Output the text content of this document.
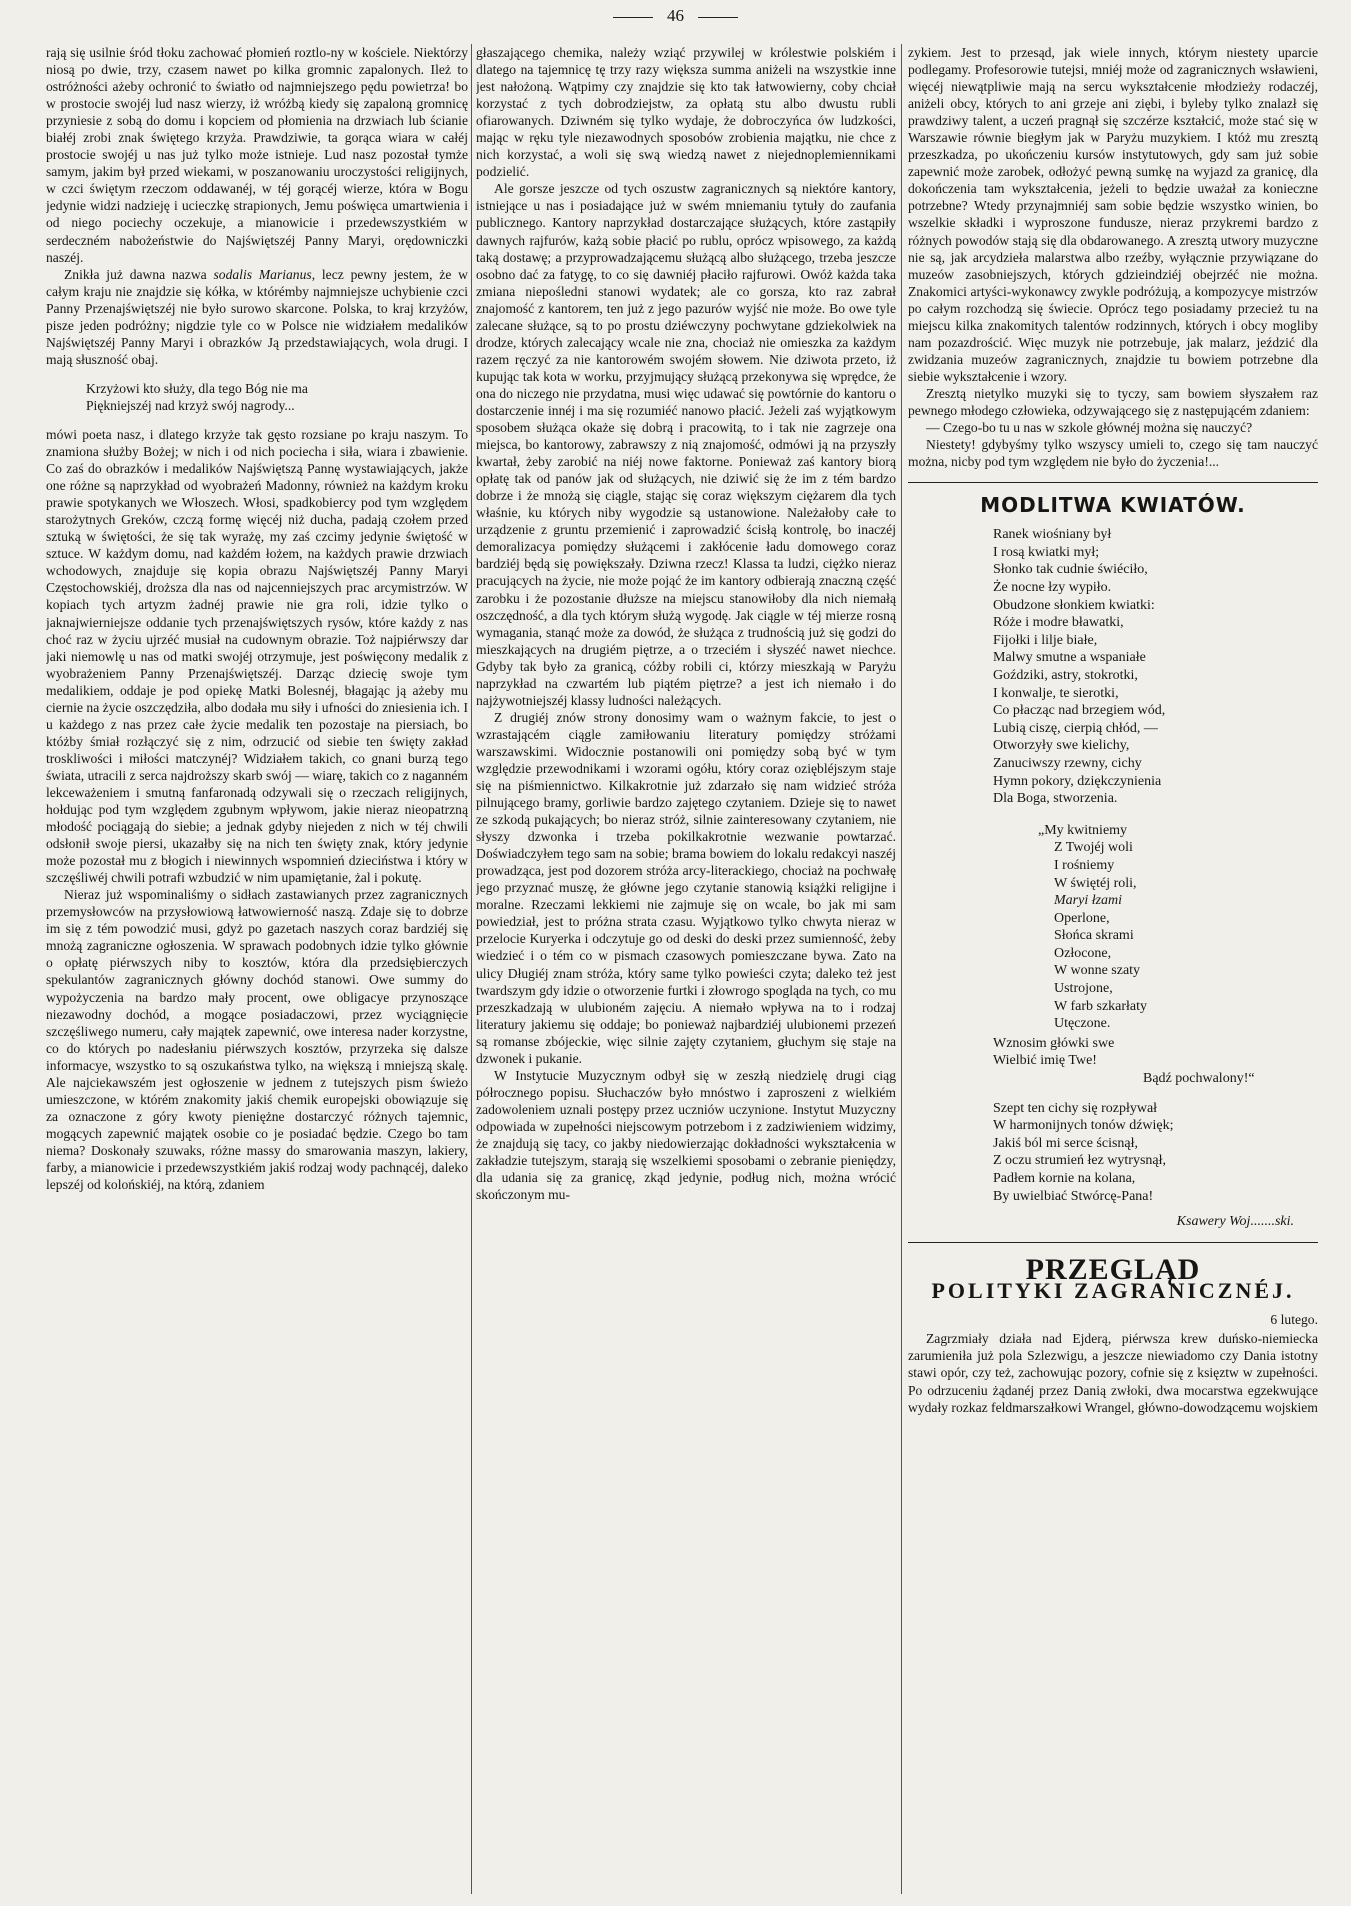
46

rają się usilnie śród tłoku zachować płomień roztlo-ny w kościele. Niektórzy niosą po dwie, trzy, czasem nawet po kilka gromnic zapalonych. Ileż to ostróżności ażeby ochronić to światło od najmniejszego pędu powietrza! bo w prostocie swojéj lud nasz wierzy, iż wróżbą kiedy się zapaloną gromnicę przyniesie z sobą do domu i kopciem od płomienia na drzwiach lub ścianie białéj zrobi znak świętego krzyża. Prawdziwie, ta gorąca wiara w całéj prostocie swojéj u nas już tylko może istnieje. Lud nasz pozostał tymże samym, jakim był przed wiekami, w poszanowaniu uroczystości religijnych, w czci świętym rzeczom oddawanéj, w téj gorącéj wierze, która w Bogu jedynie widzi nadzieję i ucieczkę strapionych, Jemu poświęca umartwienia i od niego pociechy oczekuje, a mianowicie i przedewszystkiém w serdeczném nabożeństwie do Najświętszéj Panny Maryi, orędowniczki naszéj.

Znikła już dawna nazwa sodalis Marianus, lecz pewny jestem, że w całym kraju nie znajdzie się kółka, w którémby najmniejsze uchybienie czci Panny Przenajświętszéj nie było surowo skarcone. Polska, to kraj krzyżów, pisze jeden podróżny; nigdzie tyle co w Polsce nie widziałem medalików Najświętszéj Panny Maryi i obrazków Ją przedstawiających, wola drugi. I mają słuszność obaj.

Krzyżowi kto służy, dla tego Bóg nie ma
Piękniejszéj nad krzyż swój nagrody...

mówi poeta nasz, i dlatego krzyże tak gęsto rozsiane po kraju naszym. To znamiona służby Bożej; w nich i od nich pociecha i siła, wiara i zbawienie. Co zaś do obrazków i medalików Najświętszą Pannę wystawiających, jakże one różne są naprzykład od wyobrażeń Madonny, również na każdym kroku prawie spotykanych we Włoszech. Włosi, spadkobiercy pod tym względem starożytnych Greków, czczą formę więcéj niż ducha, padają czołem przed sztuką w świętości, że się tak wyrażę, my zaś czcimy jedynie świętość w sztuce. W każdym domu, nad każdém łożem, na każdych prawie drzwiach wchodowych, znajduje się kopia obrazu Najświętszéj Panny Maryi Częstochowskiéj, droższa dla nas od najcenniejszych prac arcymistrzów. W kopiach tych artyzm żadnéj prawie nie gra roli, idzie tylko o jaknajwierniejsze oddanie tych przenajświętszych rysów, które każdy z nas choć raz w życiu ujrzéć musiał na cudownym obrazie. Toż najpiérwszy dar jaki niemowlę u nas od matki swojéj otrzymuje, jest poświęcony medalik z wyobrażeniem Panny Przenajświętszéj. Darząc dziecię swoje tym medalikiem, oddaje je pod opiekę Matki Bolesnéj, błagając ją ażeby mu ciernie na życie oszczędziła, albo dodała mu siły i ufności do zniesienia ich. I u każdego z nas przez całe życie medalik ten pozostaje na piersiach, bo któżby śmiał rozłączyć się z nim, odrzucić od siebie ten święty zakład troskliwości i miłości matczynéj? Widziałem takich, co gnani burzą tego świata, utracili z serca najdroższy skarb swój — wiarę, takich co z naganném lekceważeniem i smutną fanfaronadą odzywali się o rzeczach religijnych, hołdując pod tym względem zgubnym wpływom, jakie nieraz nieopatrzną młodość pociągają do siebie; a jednak gdyby niejeden z nich w téj chwili odsłonił swoje piersi, ukazałby się na nich ten święty znak, który jedynie może pozostał mu z błogich i niewinnych wspomnień dzieciństwa i który w szczęśliwéj chwili potrafi wzbudzić w nim upamiętanie, żal i pokutę.

Nieraz już wspominaliśmy o sidłach zastawianych przez zagranicznych przemysłowców na przysłowiową łatwowierność naszą. Zdaje się to dobrze im się z tém powodzić musi, gdyż po gazetach naszych coraz bardziéj się mnożą zagraniczne ogłoszenia. W sprawach podobnych idzie tylko głównie o opłatę piérwszych niby to kosztów, która dla przedsiębierczych spekulantów zagranicznych główny dochód stanowi. Owe summy do wypożyczenia na bardzo mały procent, owe obligacye przynoszące niezawodny dochód, a mogące posiadaczowi, przez wyciągnięcie szczęśliwego numeru, cały majątek zapewnić, owe interesa nader korzystne, co do których po nadesłaniu piérwszych kosztów, przyrzeka się dalsze informacye, wszystko to są oszukaństwa tylko, na większą i mniejszą skalę. Ale najciekawszém jest ogłoszenie w jednem z tutejszych pism świeżo umieszczone, w którém znakomity jakiś chemik europejski obowiązuje się za oznaczone z góry kwoty pieniężne dostarczyć różnych tajemnic, mogących zapewnić majątek osobie co je posiadać będzie. Czego bo tam niema? Doskonały szuwaks, różne massy do smarowania maszyn, lakiery, farby, a mianowicie i przedewszystkiém jakiś rodzaj wody pachnącéj, daleko lepszéj od kolońskiéj, na którą, zdaniem

głaszającego chemika, należy wziąć przywilej w królestwie polskiém i dlatego na tajemnicę tę trzy razy większa summa aniżeli na wszystkie inne jest nałożoną. Wątpimy czy znajdzie się kto tak łatwowierny, coby chciał korzystać z tych dobrodziejstw, za opłatą stu albo dwustu rubli ofiarowanych. Dziwném się tylko wydaje, że dobroczyńca ów ludzkości, mając w ręku tyle niezawodnych sposobów zrobienia majątku, nie chce z nich korzystać, a woli się swą wiedzą nawet z niejednoplemiennikami podzielić.

Ale gorsze jeszcze od tych oszustw zagranicznych są niektóre kantory, istniejące u nas i posiadające już w swém mniemaniu tytuły do zaufania publicznego. Kantory naprzykład dostarczające służących, które zastąpiły dawnych rajfurów, każą sobie płacić po rublu, oprócz wpisowego, za każdą taką dostawę; a przyprowadzającemu służącą albo służącego, trzeba jeszcze osobno dać za fatygę, to co się dawniéj płaciło rajfurowi. Owóż każda taka zmiana niepośledni stanowi wydatek; ale co gorsza, kto raz zabrał znajomość z kantorem, ten już z jego pazurów wyjść nie może. Bo owe tyle zalecane służące, są to po prostu dziéwczyny pochwytane gdziekolwiek na drodze, których zalecający wcale nie zna, chociaż nie omieszka za każdym razem ręczyć za nie kantorowém swojém słowem. Nie dziwota przeto, iż kupując tak kota w worku, przyjmujący służącą przekonywa się wprędce, że ona do niczego nie przydatna, musi więc udawać się powtórnie do kantoru o dostarczenie innéj i ma się rozumiéć nanowo płacić. Jeżeli zaś wyjątkowym sposobem służąca okaże się dobrą i pracowitą, to i tak nie zagrzeje ona miejsca, bo kantorowy, zabrawszy z nią znajomość, odmówi ją na przyszły kwartał, żeby zarobić na niéj nowe faktorne. Ponieważ zaś kantory biorą opłatę tak od panów jak od służących, nie dziwić się że im z tém bardzo dobrze i że mnożą się ciągle, stając się coraz większym ciężarem dla tych właśnie, ku których niby wygodzie są ustanowione. Należałoby całe to urządzenie z gruntu przemienić i zaprowadzić ścisłą kontrolę, bo inaczéj demoralizacya pomiędzy służącemi i zakłócenie ładu domowego coraz bardziéj będą się powiększały. Dziwna rzecz! Klassa ta ludzi, ciężko nieraz pracujących na życie, nie może pojąć że im kantory odbierają znaczną część zarobku i że pozostanie dłuższe na miejscu stanowiłoby dla nich niemałą oszczędność, a dla tych którym służą wygodę. Jak ciągle w téj mierze rosną wymagania, stanąć może za dowód, że służąca z trudnością już się godzi do mieszkających na drugiém piętrze, a o trzeciém i słyszéć nawet niechce. Gdyby tak było za granicą, cóżby robili ci, którzy mieszkają w Paryżu naprzykład na czwartém lub piątém piętrze? a jest ich niemało i do najżywotniejszéj klassy ludności należących.

Z drugiéj znów strony donosimy wam o ważnym fakcie, to jest o wzrastającém ciągle zamiłowaniu literatury pomiędzy stróżami warszawskimi. Widocznie postanowili oni pomiędzy sobą być w tym względzie przewodnikami i wzorami ogółu, który coraz oziębléjszym staje się na piśmiennictwo. Kilkakrotnie już zdarzało się nam widzieć stróża pilnującego bramy, gorliwie bardzo zajętego czytaniem. Dzieje się to nawet ze szkodą pukających; bo nieraz stróż, silnie zainteresowany czytaniem, nie słyszy dzwonka i trzeba pokilkakrotnie wezwanie powtarzać. Doświadczyłem tego sam na sobie; brama bowiem do lokalu redakcyi naszéj prowadząca, jest pod dozorem stróża arcy-literackiego, chociaż na pochwałę jego przyznać muszę, że główne jego czytanie stanowią książki religijne i moralne. Rzeczami lekkiemi nie zajmuje się on wcale, bo jak mi sam powiedział, jest to próżna strata czasu. Wyjątkowo tylko chwyta nieraz w przelocie Kuryerka i odczytuje go od deski do deski przez sumienność, żeby wiedzieć i o tém co w pismach czasowych pomieszczane bywa. Zato na ulicy Długiéj znam stróża, który same tylko powieści czyta; daleko też jest twardszym gdy idzie o otworzenie furtki i złowrogo spogląda na tych, co mu przeszkadzają w ulubioném zajęciu. A niemało wpływa na to i rodzaj literatury jakiemu się oddaje; bo ponieważ najbardziéj ulubionemi przezeń są romanse zbójeckie, więc silnie zajęty czytaniem, głuchym się staje na dzwonek i pukanie.

W Instytucie Muzycznym odbył się w zeszłą niedzielę drugi ciąg półrocznego popisu. Słuchaczów było mnóstwo i zaproszeni z wielkiém zadowoleniem uznali postępy przez uczniów uczynione. Instytut Muzyczny odpowiada w zupełności niejscowym potrzebom i z zadziwieniem widzimy, że znajdują się tacy, co jakby niedowierzając dokładności wykształcenia w zakładzie tutejszym, starają się wszelkiemi sposobami o zebranie pieniędzy, dla udania się za granicę, zkąd jedynie, podług nich, można wrócić skończonym mu-

zykiem. Jest to przesąd, jak wiele innych, którym niestety uparcie podlegamy. Profesorowie tutejsi, mniéj może od zagranicznych wsławieni, więcéj niewątpliwie mają na sercu wykształcenie młodzieży rodaczéj, aniżeli obcy, których to ani grzeje ani ziębi, i byleby tylko znalazł się prawdziwy talent, a uczeń pragnął się szczérze kształcić, może stać się w Warszawie równie biegłym jak w Paryżu muzykiem. I któż mu zresztą przeszkadza, po ukończeniu kursów instytutowych, gdy sam już sobie zapewnić może zarobek, odłożyć pewną sumkę na wyjazd za granicę, dla dokończenia tam wykształcenia, jeżeli to będzie uważał za konieczne potrzebne? Wtedy przynajmniéj sam sobie będzie wszystko winien, bo wszelkie składki i wyproszone fundusze, nieraz przykremi bardzo z różnych powodów stają się dla obdarowanego. A zresztą utwory muzyczne nie są, jak arcydzieła malarstwa albo rzeźby, wyłącznie przywiązane do muzeów zasobniejszych, których gdzieindziéj obejrzéć nie można. Znakomici artyści-wykonawcy zwykle podróżują, a kompozycye mistrzów po całym rozchodzą się świecie. Oprócz tego posiadamy przecież tu na miejscu kilka znakomitych talentów rodzinnych, których i obcy mogliby nam pozazdrościć. Więc muzyk nie potrzebuje, jak malarz, jeździć dla zwidzania muzeów zagranicznych, znajdzie tu bowiem potrzebne dla siebie wykształcenie i wzory.

Zresztą nietylko muzyki się to tyczy, sam bowiem słyszałem raz pewnego młodego człowieka, odzywającego się z następującém zdaniem:

— Czego-bo tu u nas w szkole głównéj można się nauczyć?

Niestety! gdybyśmy tylko wszyscy umieli to, czego się tam nauczyć można, nicby pod tym względem nie było do życzenia!...

MODLITWA KWIATÓW.
Ranek wiośniany był
I rosą kwiatki mył;
Słonko tak cudnie świéciło,
Że nocne łzy wypiło.
Obudzone słonkiem kwiatki:
Róże i modre bławatki,
Fijołki i lilje białe,
Malwy smutne a wspaniałe
Goździki, astry, stokrotki,
I konwalje, te sierotki,
Co płacząc nad brzegiem wód,
Lubią ciszę, cierpią chłód, —
Otworzyły swe kielichy,
Zanuciwszy rzewny, cichy
Hymn pokory, dziękczynienia
Dla Boga, stworzenia.
„My kwitniemy
Z Twojéj woli
I rośniemy
W świętéj roli,
Maryi łzami
Operlone,
Słońca skrami
Ozłocone,
W wonne szaty
Ustrojone,
W farb szkarłaty
Utęczone.
Wznosim główki swe
Wielbić imię Twe!
Bądź pochwalony!“
Szept ten cichy się rozpływał
W harmonijnych tonów dźwięk;
Jakiś ból mi serce ścisnął,
Z oczu strumień łez wytrysnął,
Padłem kornie na kolana,
By uwielbiać Stwórcę-Pana!
Ksawery Woj.......ski.
PRZEGLĄD
POLITYKI ZAGRANICZNÉJ.
6 lutego.

Zagrzmiały działa nad Ejderą, piérwsza krew duńsko-niemiecka zarumieniła już pola Szlezwigu, a jeszcze niewiadomo czy Dania istotny stawi opór, czy też, zachowując pozory, cofnie się z księztw w zupełności. Po odrzuceniu żądanéj przez Danią zwłoki, dwa mocarstwa egzekwujące wydały rozkaz feldmarszałkowi Wrangel, główno-dowodzącemu wojskiem
